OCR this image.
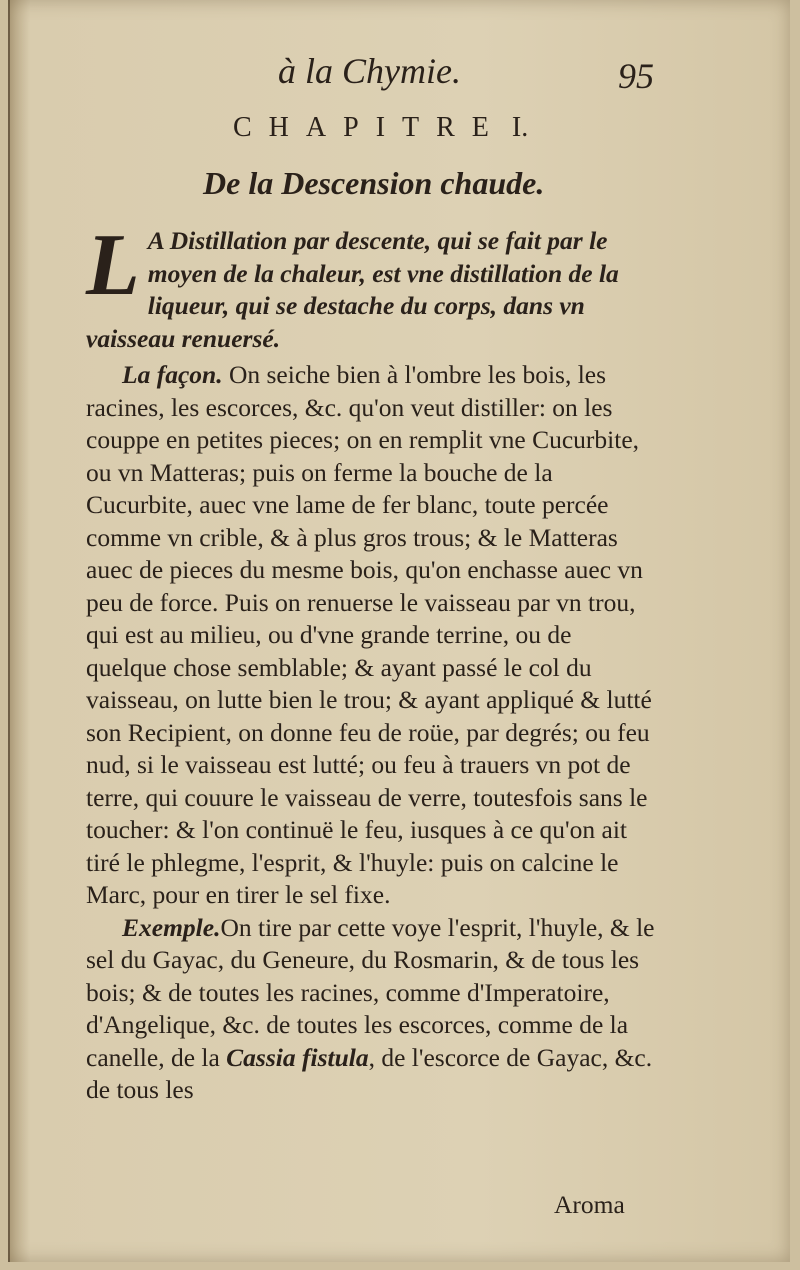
à la Chymie.	95
CHAPITRE I.
De la Descension chaude.

L A Distillation par descente, qui se fait par le moyen de la chaleur, est vne distillation de la liqueur, qui se destache du corps, dans vn vaisseau renuersé.

La façon. On seiche bien à l'ombre les bois, les racines, les escorces, &c. qu'on veut distiller: on les couppe en petites pieces; on en remplit vne Cucurbite, ou vn Matteras; puis on ferme la bouche de la Cucurbite, auec vne lame de fer blanc, toute percée comme vn crible, & à plus gros trous; & le Matteras auec de pieces du mesme bois, qu'on enchasse auec vn peu de force. Puis on renuerse le vaisseau par vn trou, qui est au milieu, ou d'vne grande terrine, ou de quelque chose semblable; & ayant passé le col du vaisseau, on lutte bien le trou; & ayant appliqué & lutté son Recipient, on donne feu de roüe, par degrés; ou feu nud, si le vaisseau est lutté; ou feu à trauers vn pot de terre, qui couure le vaisseau de verre, toutesfois sans le toucher: & l'on continuë le feu, iusques à ce qu'on ait tiré le phlegme, l'esprit, & l'huyle: puis on calcine le Marc, pour en tirer le sel fixe.

Exemple.On tire par cette voye l'esprit, l'huyle, & le sel du Gayac, du Geneure, du Rosmarin, & de tous les bois; & de toutes les racines, comme d'Imperatoire, d'Angelique, &c. de toutes les escorces, comme de la canelle, de la Cassia fistula, de l'escorce de Gayac, &c. de tous les

Aroma
